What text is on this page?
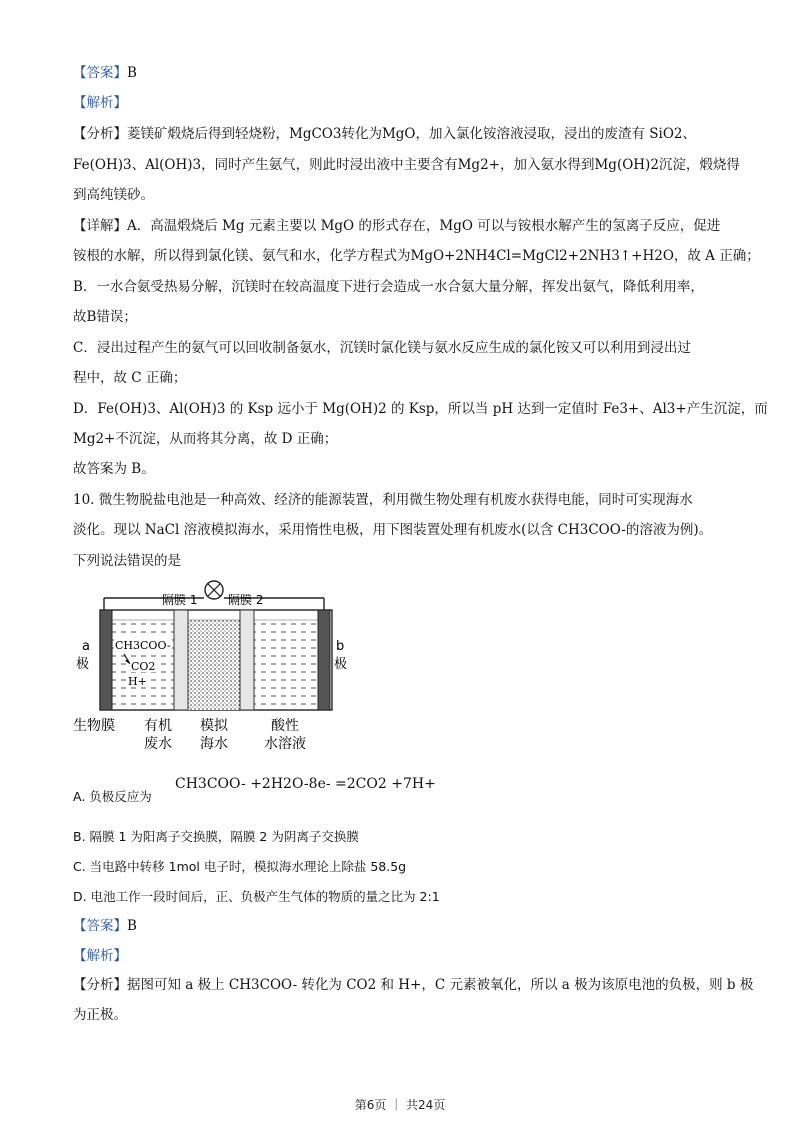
【答案】B
【解析】
【分析】菱镁矿煅烧后得到轻烧粉，MgCO3转化为MgO，加入氯化铵溶液浸取，浸出的废渣有 SiO2、
Fe(OH)3、Al(OH)3，同时产生氨气，则此时浸出液中主要含有Mg2+，加入氨水得到Mg(OH)2沉淀，煅烧得
到高纯镁砂。
【详解】A．高温煅烧后 Mg 元素主要以 MgO 的形式存在，MgO 可以与铵根水解产生的氢离子反应，促进
铵根的水解，所以得到氯化镁、氨气和水，化学方程式为MgO+2NH4Cl=MgCl2+2NH3↑+H2O，故 A 正确；
B．一水合氨受热易分解，沉镁时在较高温度下进行会造成一水合氨大量分解，挥发出氨气，降低利用率，
故B错误；
C．浸出过程产生的氨气可以回收制备氨水，沉镁时氯化镁与氨水反应生成的氯化铵又可以利用到浸出过
程中，故 C 正确；
D．Fe(OH)3、Al(OH)3 的 Ksp 远小于 Mg(OH)2 的 Ksp，所以当 pH 达到一定值时 Fe3+、Al3+产生沉淀，而
Mg2+不沉淀，从而将其分离，故 D 正确；
故答案为 B。
10. 微生物脱盐电池是一种高效、经济的能源装置，利用微生物处理有机废水获得电能，同时可实现海水
淡化。现以 NaCl 溶液模拟海水，采用惰性电极，用下图装置处理有机废水(以含 CH3COO-的溶液为例)。
下列说法错误的是
隔膜 1	隔膜 2
a
极
b
极
CH3COO-
CO2
H+
生物膜 有机
废水
模拟
海水
酸性
水溶液
A. 负极反应为
CH3COO- +2H2O-8e- =2CO2 +7H+
B. 隔膜 1 为阳离子交换膜，隔膜 2 为阴离子交换膜
C. 当电路中转移 1mol 电子时，模拟海水理论上除盐 58.5g
D. 电池工作一段时间后，正、负极产生气体的物质的量之比为 2:1
【答案】B
【解析】
【分析】据图可知 a 极上 CH3COO- 转化为 CO2 和 H+，C 元素被氧化，所以 a 极为该原电池的负极，则 b 极
为正极。
第6页 ｜ 共24页
